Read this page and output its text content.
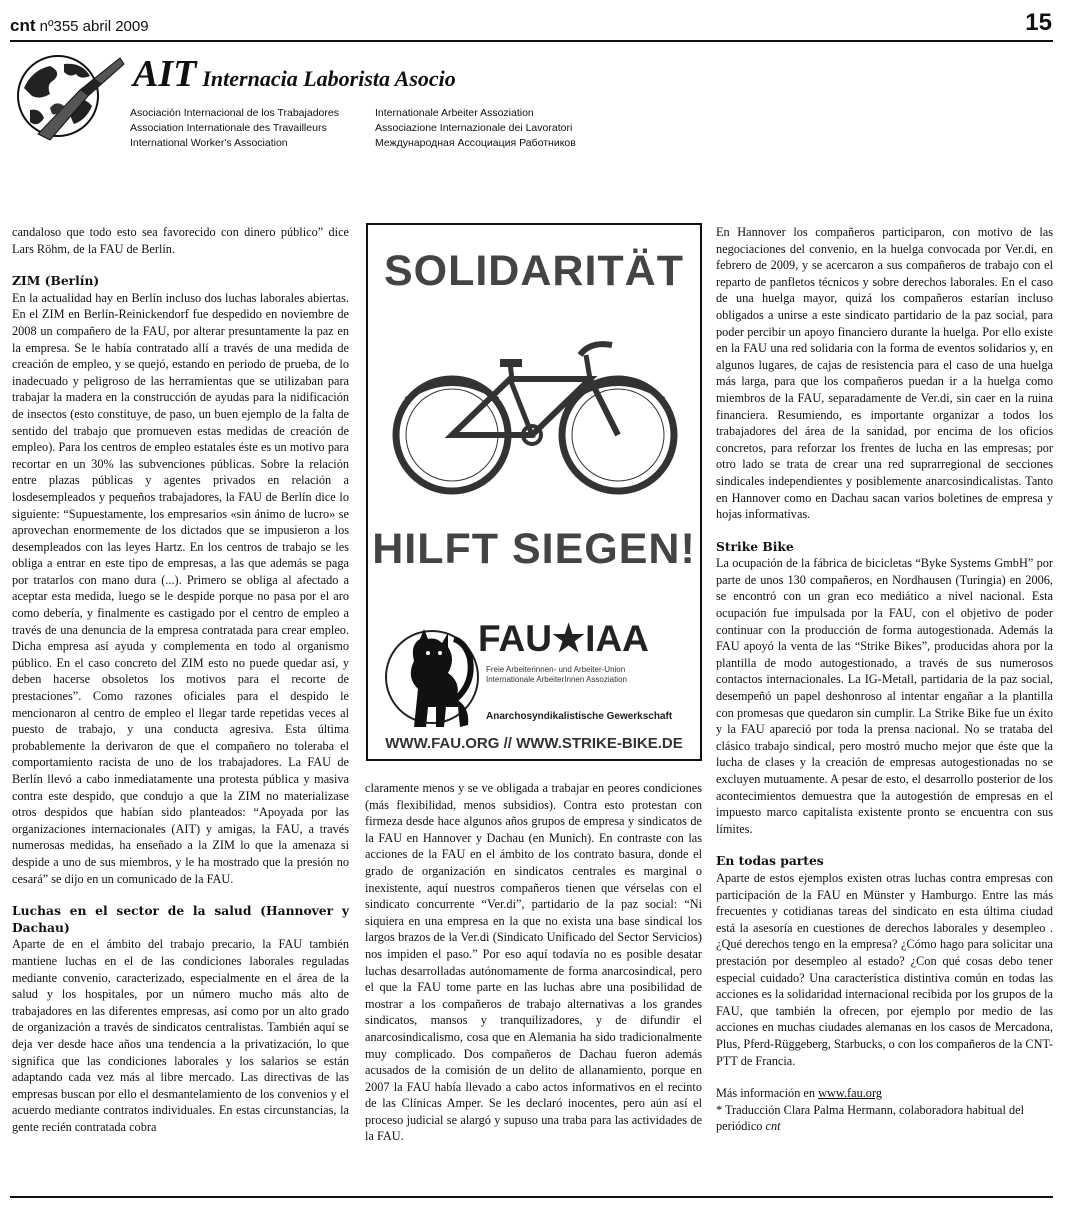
cnt nº355 abril 2009	15
AIT Internacia Laborista Asocio
Asociación Internacional de los Trabajadores
Association Internationale des Travailleurs
International Worker's Association
Internationale Arbeiter Assoziation
Associazione Internazionale dei Lavoratori
Международная Ассоциация Работников

candaloso que todo esto sea favorecido con dinero público” dice Lars Röhm, de la FAU de Berlín.

ZIM (Berlín)

En la actualidad hay en Berlín incluso dos luchas laborales abiertas. En el ZIM en Berlín-Reinickendorf fue despedido en noviembre de 2008 un compañero de la FAU, por alterar presuntamente la paz en la empresa. Se le había contratado allí a través de una medida de creación de empleo, y se quejó, estando en periodo de prueba, de lo inadecuado y peligroso de las herramientas que se utilizaban para trabajar la madera en la construcción de ayudas para la nidificación de insectos (esto constituye, de paso, un buen ejemplo de la falta de sentido del trabajo que promueven estas medidas de creación de empleo). Para los centros de empleo estatales éste es un motivo para recortar en un 30% las subvenciones públicas. Sobre la relación entre plazas públicas y agentes privados en relación a losdesempleados y pequeños trabajadores, la FAU de Berlín dice lo siguiente: “Supuestamente, los empresarios «sin ánimo de lucro» se aprovechan enormemente de los dictados que se impusieron a los desempleados con las leyes Hartz. En los centros de trabajo se les obliga a entrar en este tipo de empresas, a las que además se paga por tratarlos con mano dura (...). Primero se obliga al afectado a aceptar esta medida, luego se le despide porque no pasa por el aro como debería, y finalmente es castigado por el centro de empleo a través de una denuncia de la empresa contratada para crear empleo. Dicha empresa así ayuda y complementa en todo al organismo público. En el caso concreto del ZIM esto no puede quedar así, y deben hacerse obsoletos los motivos para el recorte de prestaciones”. Como razones oficiales para el despido le mencionaron al centro de empleo el llegar tarde repetidas veces al puesto de trabajo, y una conducta agresiva. Esta última probablemente la derivaron de que el compañero no toleraba el comportamiento racista de uno de los trabajadores. La FAU de Berlín llevó a cabo inmediatamente una protesta pública y masiva contra este despido, que condujo a que la ZIM no materializase otros despidos que habían sido planteados: “Apoyada por las organizaciones internacionales (AIT) y amigas, la FAU, a través numerosas medidas, ha enseñado a la ZIM lo que la amenaza si despide a uno de sus miembros, y le ha mostrado que la presión no cesará” se dijo en un comunicado de la FAU.

Luchas en el sector de la salud (Hannover y Dachau)

Aparte de en el ámbito del trabajo precario, la FAU también mantiene luchas en el de las condiciones laborales reguladas mediante convenio, caracterizado, especialmente en el área de la salud y los hospitales, por un número mucho más alto de trabajadores en las diferentes empresas, así como por un alto grado de organización a través de sindicatos centralistas. También aquí se deja ver desde hace años una tendencia a la privatización, lo que significa que las condiciones laborales y los salarios se están adaptando cada vez más al libre mercado. Las directivas de las empresas buscan por ello el desmantelamiento de los convenios y el acuerdo mediante contratos individuales. En estas circunstancias, la gente recién contratada cobra

SOLIDARITÄT
HILFT SIEGEN!
FAU★IAA
Freie Arbeiterinnen- und Arbeiter-Union
Internationale ArbeiterInnen Assoziation
Anarchosyndikalistische Gewerkschaft
WWW.FAU.ORG // WWW.STRIKE-BIKE.DE

claramente menos y se ve obligada a trabajar en peores condiciones (más flexibilidad, menos subsidios). Contra esto protestan con firmeza desde hace algunos años grupos de empresa y sindicatos de la FAU en Hannover y Dachau (en Munich). En contraste con las acciones de la FAU en el ámbito de los contrato basura, donde el grado de organización en sindicatos centrales es marginal o inexistente, aquí nuestros compañeros tienen que vérselas con el sindicato concurrente “Ver.di”, partidario de la paz social: “Ni siquiera en una empresa en la que no exista una base sindical los largos brazos de la Ver.di (Sindicato Unificado del Sector Servicios) nos impiden el paso.” Por eso aquí todavía no es posible desatar luchas desarrolladas autónomamente de forma anarcosindical, pero el que la FAU tome parte en las luchas abre una posibilidad de mostrar a los compañeros de trabajo alternativas a los grandes sindicatos, mansos y tranquilizadores, y de difundir el anarcosindicalismo, cosa que en Alemania ha sido tradicionalmente muy complicado. Dos compañeros de Dachau fueron además acusados de la comisión de un delito de allanamiento, porque en 2007 la FAU había llevado a cabo actos informativos en el recinto de las Clínicas Amper. Se les declaró inocentes, pero aún así el proceso judicial se alargó y supuso una traba para las actividades de la FAU.

En Hannover los compañeros participaron, con motivo de las negociaciones del convenio, en la huelga convocada por Ver.di, en febrero de 2009, y se acercaron a sus compañeros de trabajo con el reparto de panfletos técnicos y sobre derechos laborales. En el caso de una huelga mayor, quizá los compañeros estarían incluso obligados a unirse a este sindicato partidario de la paz social, para poder percibir un apoyo financiero durante la huelga. Por ello existe en la FAU una red solidaria con la forma de eventos solidarios y, en algunos lugares, de cajas de resistencia para el caso de una huelga más larga, para que los compañeros puedan ir a la huelga como miembros de la FAU, separadamente de Ver.di, sin caer en la ruina financiera. Resumiendo, es importante organizar a todos los trabajadores del área de la sanidad, por encima de los oficios concretos, para reforzar los frentes de lucha en las empresas; por otro lado se trata de crear una red suprarregional de secciones sindicales independientes y posiblemente anarcosindicalistas. Tanto en Hannover como en Dachau sacan varios boletines de empresa y hojas informativas.

Strike Bike

La ocupación de la fábrica de bicicletas “Byke Systems GmbH” por parte de unos 130 compañeros, en Nordhausen (Turingia) en 2006, se encontró con un gran eco mediático a nivel nacional. Esta ocupación fue impulsada por la FAU, con el objetivo de poder continuar con la producción de forma autogestionada. Además la FAU apoyó la venta de las “Strike Bikes”, producidas ahora por la plantilla de modo autogestionado, a través de sus numerosos contactos internacionales. La IG-Metall, partidaria de la paz social, desempeñó un papel deshonroso al intentar engañar a la plantilla con promesas que quedaron sin cumplir. La Strike Bike fue un éxito y la FAU apareció por toda la prensa nacional. No se trataba del clásico trabajo sindical, pero mostró mucho mejor que éste que la lucha de clases y la creación de empresas autogestionadas no se excluyen mutuamente. A pesar de esto, el desarrollo posterior de los acontecimientos demuestra que la autogestión de empresas en el impuesto marco capitalista existente pronto se encuentra con sus límites.

En todas partes

Aparte de estos ejemplos existen otras luchas contra empresas con participación de la FAU en Münster y Hamburgo. Entre las más frecuentes y cotidianas tareas del sindicato en esta última ciudad está la asesoría en cuestiones de derechos laborales y desempleo . ¿Qué derechos tengo en la empresa? ¿Cómo hago para solicitar una prestación por desempleo al estado? ¿Con qué cosas debo tener especial cuidado? Una característica distintiva común en todas las acciones es la solidaridad internacional recibida por los grupos de la FAU, que también la ofrecen, por ejemplo por medio de las acciones en muchas ciudades alemanas en los casos de Mercadona, Plus, Pferd-Rüggeberg, Starbucks, o con los compañeros de la CNT-PTT de Francia.

Más información en www.fau.org

* Traducción Clara Palma Hermann, colaboradora habitual del periódico cnt
